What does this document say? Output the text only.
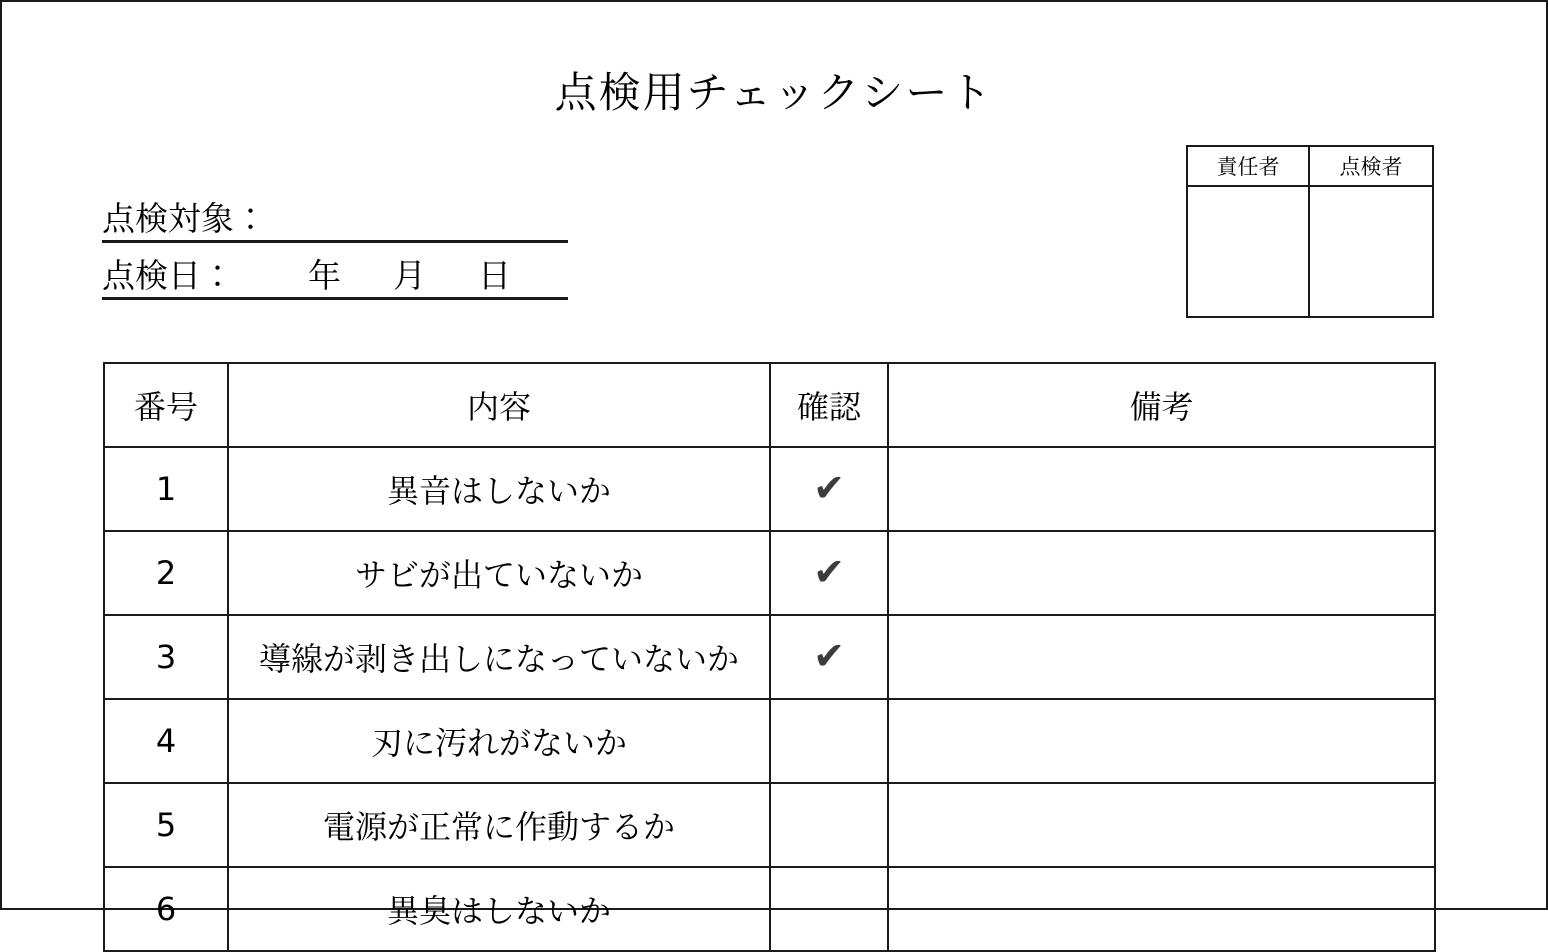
点検用チェックシート
責任者	点検者
点検対象：
点検日： 年 月 日
番号	内容	確認	備考
1	異音はしないか	✔	
2	サビが出ていないか	✔	
3	導線が剥き出しになっていないか	✔	
4	刃に汚れがないか		
5	電源が正常に作動するか		
6	異臭はしないか		
